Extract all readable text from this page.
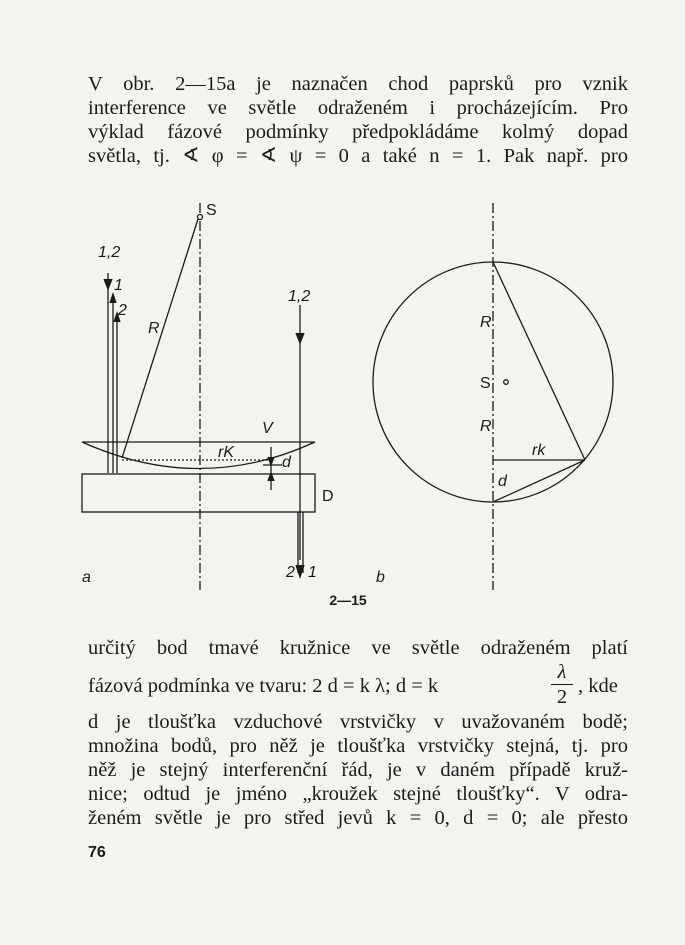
V obr. 2—15a je naznačen chod paprsků pro vznik
interference ve světle odraženém i procházejícím. Pro
výklad fázové podmínky předpokládáme kolmý dopad
světla, tj. ∢ φ = ∢ ψ = 0 a také n = 1. Pak např. pro
S
1,2
1
2
R
1,2
V
rK
d
D
2 1
a	b
R
S
R
rk
d
2—15
určitý bod tmavé kružnice ve světle odraženém platí
fázová podmínka ve tvaru: 2 d = k λ; d = k
λ
2 , kde
d je tloušťka vzduchové vrstvičky v uvažovaném bodě;
množina bodů, pro něž je tloušťka vrstvičky stejná, tj. pro
něž je stejný interferenční řád, je v daném případě kruž-
nice; odtud je jméno „kroužek stejné tloušťky“. V odra-
ženém světle je pro střed jevů k = 0, d = 0; ale přesto
76
